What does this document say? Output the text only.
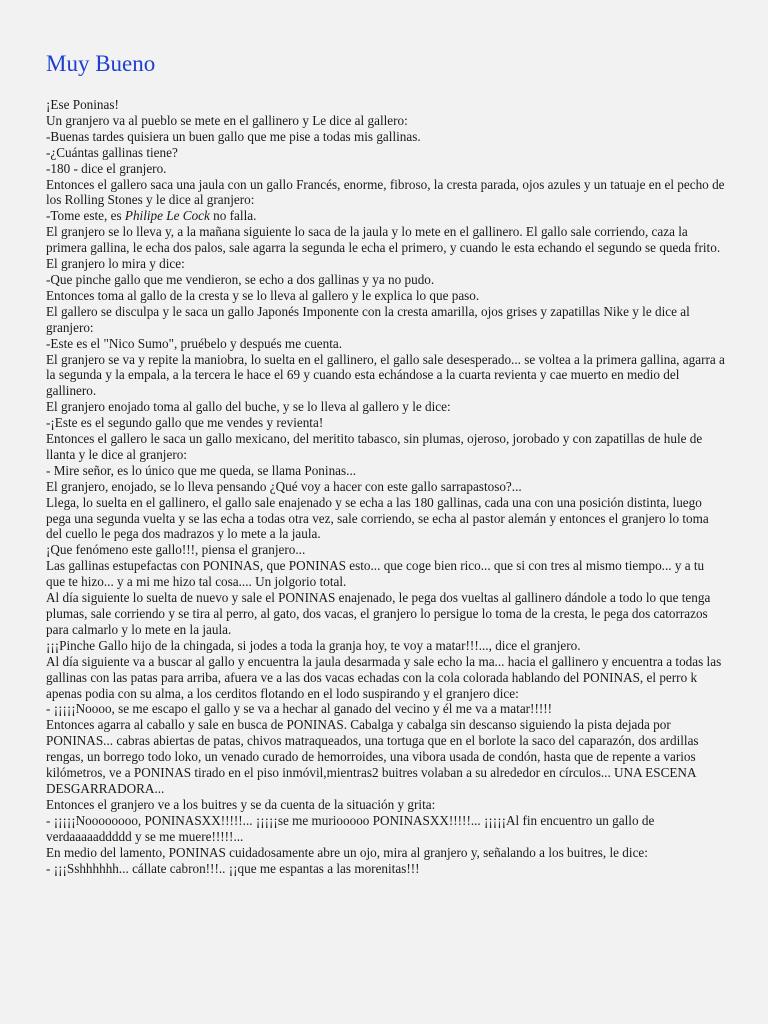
Muy Bueno

¡Ese Poninas!

Un granjero va al pueblo se mete en el gallinero y Le dice al gallero:

-Buenas tardes quisiera un buen gallo que me pise a todas mis gallinas.

-¿Cuántas gallinas tiene?

-180 - dice el granjero.

Entonces el gallero saca una jaula con un gallo Francés, enorme, fibroso, la cresta parada, ojos azules y un tatuaje en el pecho de los Rolling Stones y le dice al granjero:

-Tome este, es Philipe Le Cock no falla.

El granjero se lo lleva y, a la mañana siguiente lo saca de la jaula y lo mete en el gallinero. El gallo sale corriendo, caza la primera gallina, le echa dos palos, sale agarra la segunda le echa el primero, y cuando le esta echando el segundo se queda frito.

El granjero lo mira y dice:

-Que pinche gallo que me vendieron, se echo a dos gallinas y ya no pudo.

Entonces toma al gallo de la cresta y se lo lleva al gallero y le explica lo que paso.

El gallero se disculpa y le saca un gallo Japonés Imponente con la cresta amarilla, ojos grises y zapatillas Nike y le dice al granjero:

-Este es el "Nico Sumo", pruébelo y después me cuenta.

El granjero se va y repite la maniobra, lo suelta en el gallinero, el gallo sale desesperado... se voltea a la primera gallina, agarra a la segunda y la empala, a la tercera le hace el 69 y cuando esta echándose a la cuarta revienta y cae muerto en medio del gallinero.

El granjero enojado toma al gallo del buche, y se lo lleva al gallero y le dice:

-¡Este es el segundo gallo que me vendes y revienta!

Entonces el gallero le saca un gallo mexicano, del meritito tabasco, sin plumas, ojeroso, jorobado y con zapatillas de hule de llanta y le dice al granjero:

- Mire señor, es lo único que me queda, se llama Poninas...

El granjero, enojado, se lo lleva pensando ¿Qué voy a hacer con este gallo sarrapastoso?...

Llega, lo suelta en el gallinero, el gallo sale enajenado y se echa a las 180 gallinas, cada una con una posición distinta, luego pega una segunda vuelta y se las echa a todas otra vez, sale corriendo, se echa al pastor alemán y entonces el granjero lo toma del cuello le pega dos madrazos y lo mete a la jaula.

¡Que fenómeno este gallo!!!, piensa el granjero...

Las gallinas estupefactas con PONINAS, que PONINAS esto... que coge bien rico... que si con tres al mismo tiempo... y a tu que te hizo... y a mi me hizo tal cosa.... Un jolgorio total.

Al día siguiente lo suelta de nuevo y sale el PONINAS enajenado, le pega dos vueltas al gallinero dándole a todo lo que tenga plumas, sale corriendo y se tira al perro, al gato, dos vacas, el granjero lo persigue lo toma de la cresta, le pega dos catorrazos para calmarlo y lo mete en la jaula.

¡¡¡Pinche Gallo hijo de la chingada, si jodes a toda la granja hoy, te voy a matar!!!..., dice el granjero.

Al día siguiente va a buscar al gallo y encuentra la jaula desarmada y sale echo la ma... hacia el gallinero y encuentra a todas las gallinas con las patas para arriba, afuera ve a las dos vacas echadas con la cola colorada hablando del PONINAS, el perro k apenas podia con su alma, a los cerditos flotando en el lodo suspirando y el granjero dice:

- ¡¡¡¡¡Noooo, se me escapo el gallo y se va a hechar al ganado del vecino y él me va a matar!!!!!

Entonces agarra al caballo y sale en busca de PONINAS. Cabalga y cabalga sin descanso siguiendo la pista dejada por PONINAS... cabras abiertas de patas, chivos matraqueados, una tortuga que en el borlote la saco del caparazón, dos ardillas rengas, un borrego todo loko, un venado curado de hemorroides, una vibora usada de condón, hasta que de repente a varios kilómetros, ve a PONINAS tirado en el piso inmóvil,mientras2 buitres volaban a su alrededor en círculos... UNA ESCENA DESGARRADORA...

Entonces el granjero ve a los buitres y se da cuenta de la situación y grita:

- ¡¡¡¡¡Noooooooo, PONINASXX!!!!!... ¡¡¡¡¡se me muriooooo PONINASXX!!!!!... ¡¡¡¡¡Al fin encuentro un gallo de verdaaaaaddddd y se me muere!!!!!...

En medio del lamento, PONINAS cuidadosamente abre un ojo, mira al granjero y, señalando a los buitres, le dice:

- ¡¡¡Sshhhhhh... cállate cabron!!!.. ¡¡que me espantas a las morenitas!!!
